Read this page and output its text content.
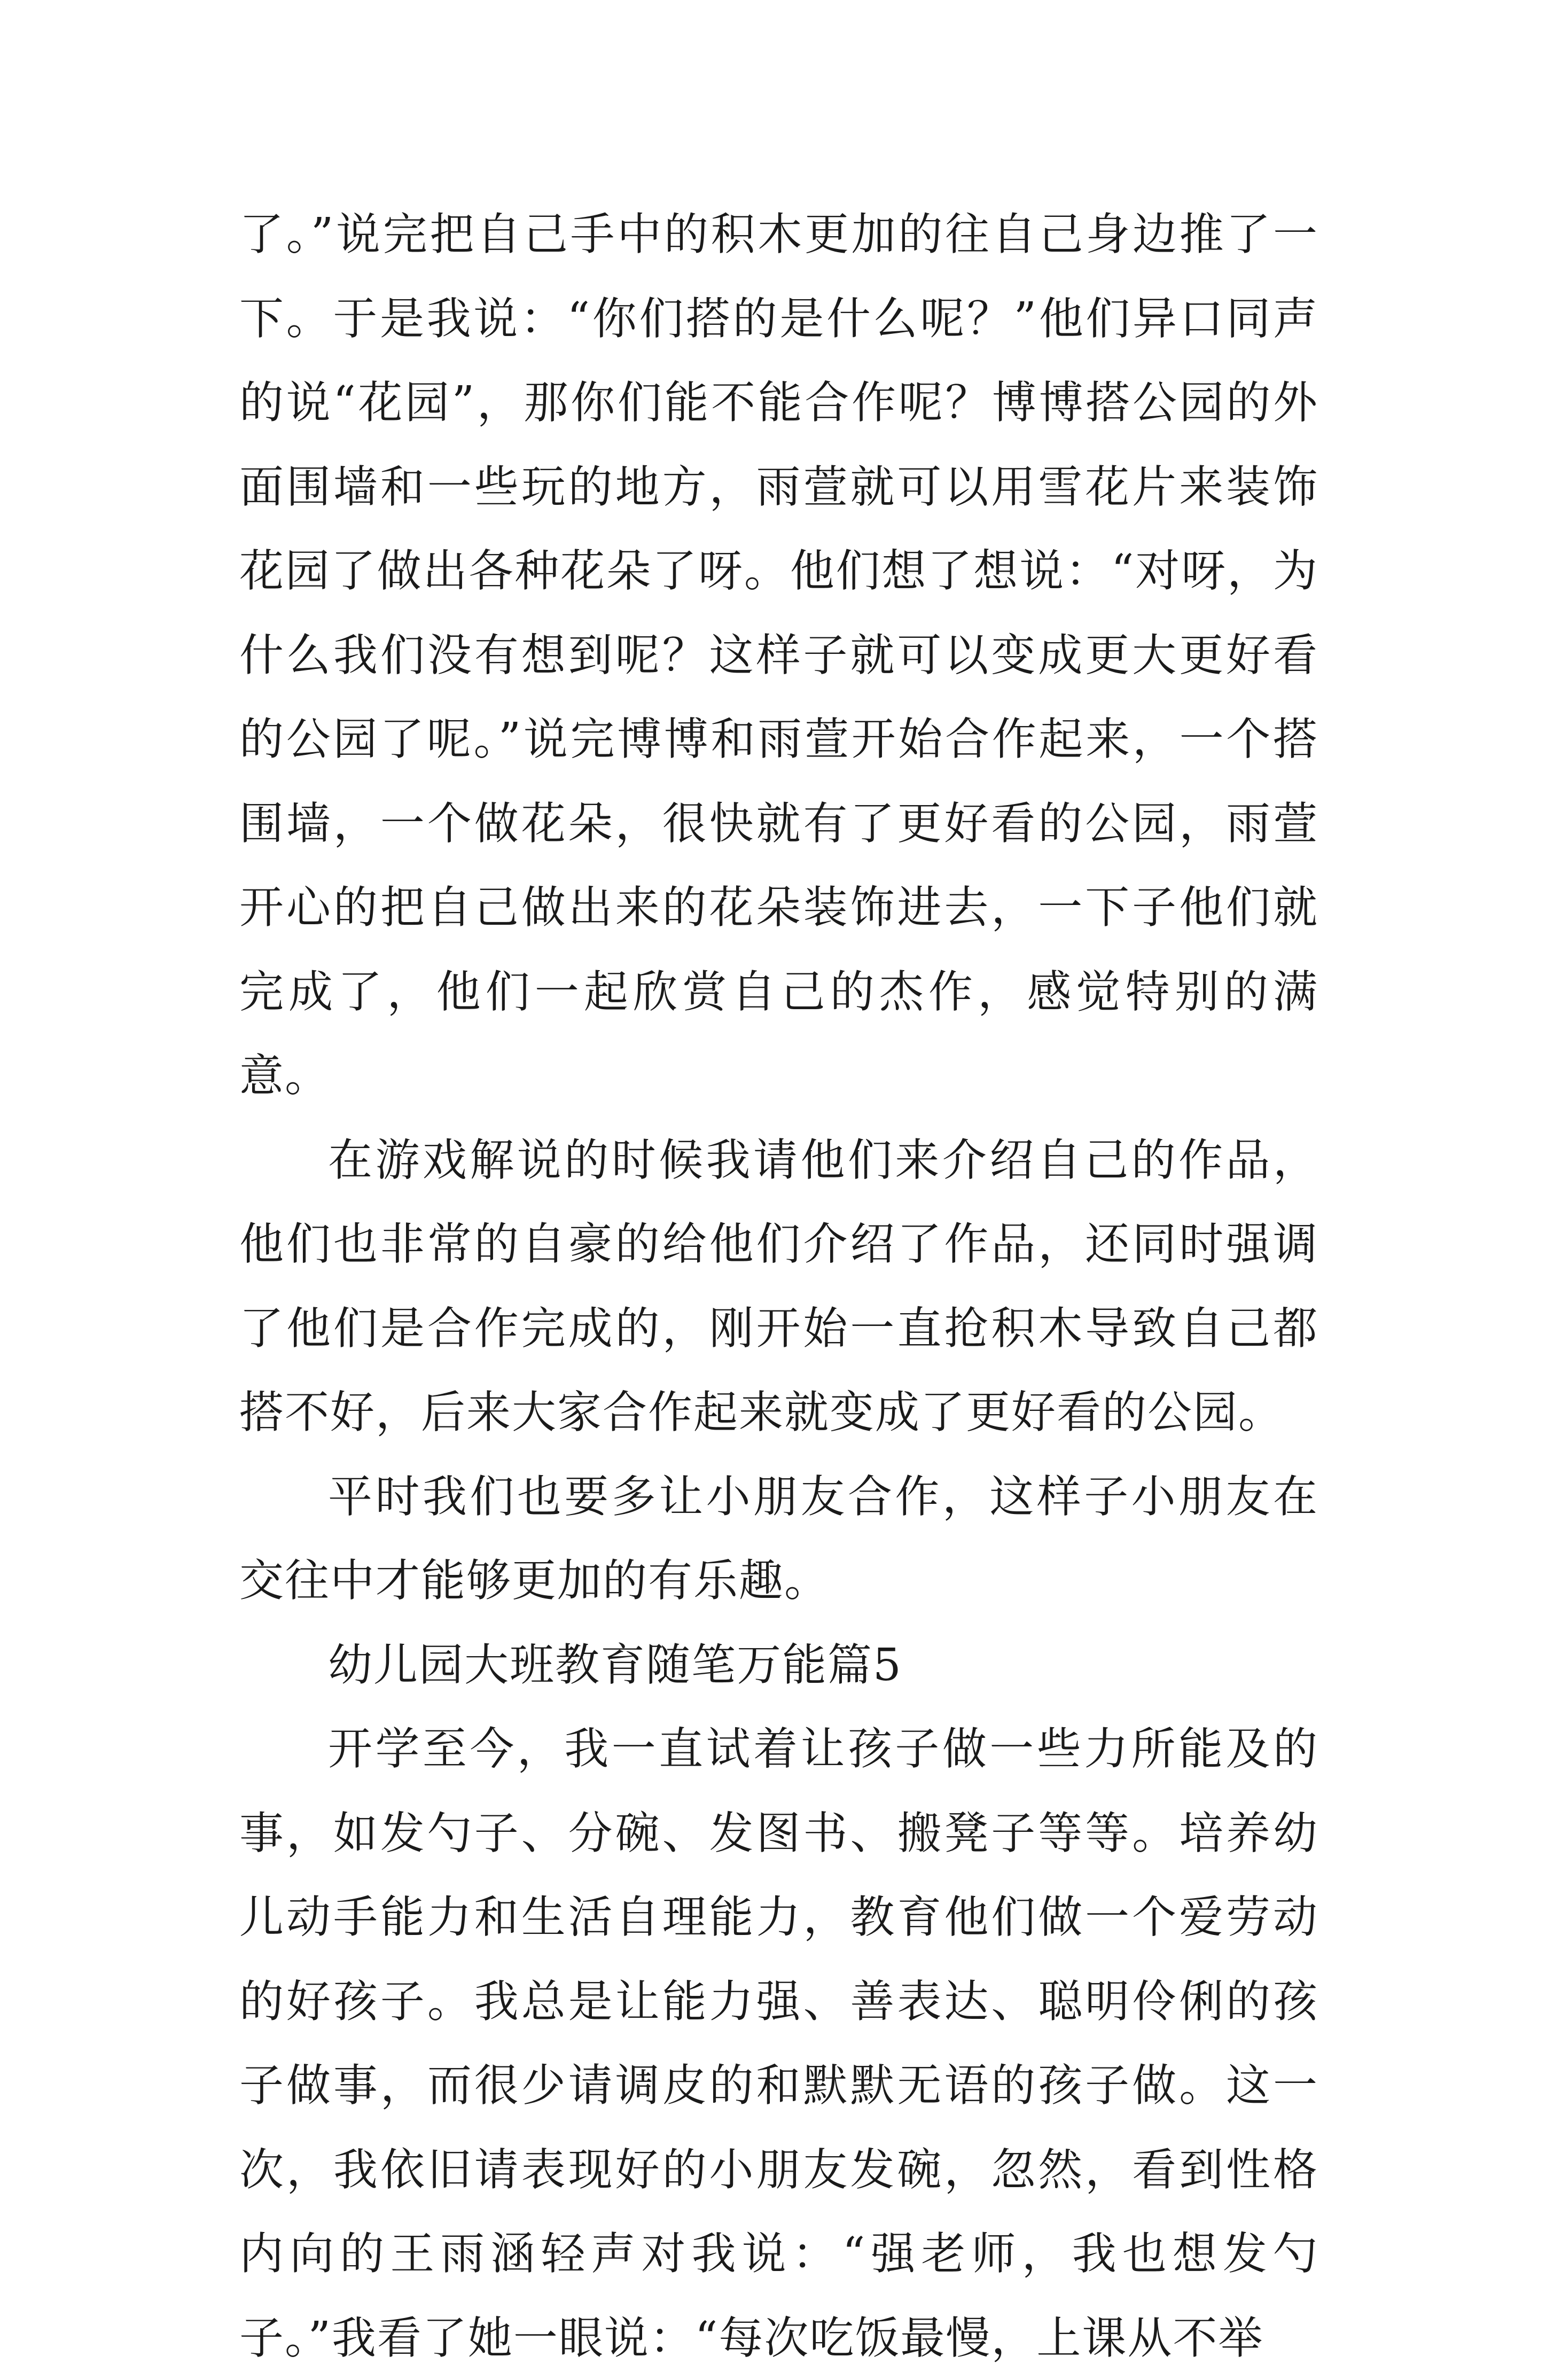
了。”说完把自己手中的积木更加的往自己身边推了一下。于是我说：“你们搭的是什么呢？”他们异口同声的说“花园”，那你们能不能合作呢？博博搭公园的外面围墙和一些玩的地方，雨萱就可以用雪花片来装饰花园了做出各种花朵了呀。他们想了想说：“对呀，为什么我们没有想到呢？这样子就可以变成更大更好看的公园了呢。”说完博博和雨萱开始合作起来，一个搭围墙，一个做花朵，很快就有了更好看的公园，雨萱开心的把自己做出来的花朵装饰进去，一下子他们就完成了，他们一起欣赏自己的杰作，感觉特别的满意。

在游戏解说的时候我请他们来介绍自己的作品，他们也非常的自豪的给他们介绍了作品，还同时强调了他们是合作完成的，刚开始一直抢积木导致自己都搭不好，后来大家合作起来就变成了更好看的公园。

平时我们也要多让小朋友合作，这样子小朋友在交往中才能够更加的有乐趣。

幼儿园大班教育随笔万能篇5

开学至今，我一直试着让孩子做一些力所能及的事，如发勺子、分碗、发图书、搬凳子等等。培养幼儿动手能力和生活自理能力，教育他们做一个爱劳动的好孩子。我总是让能力强、善表达、聪明伶俐的孩子做事，而很少请调皮的和默默无语的孩子做。这一次，我依旧请表现好的小朋友发碗，忽然，看到性格内向的王雨涵轻声对我说：“强老师，我也想发勺子。”我看了她一眼说：“每次吃饭最慢，上课从不举
